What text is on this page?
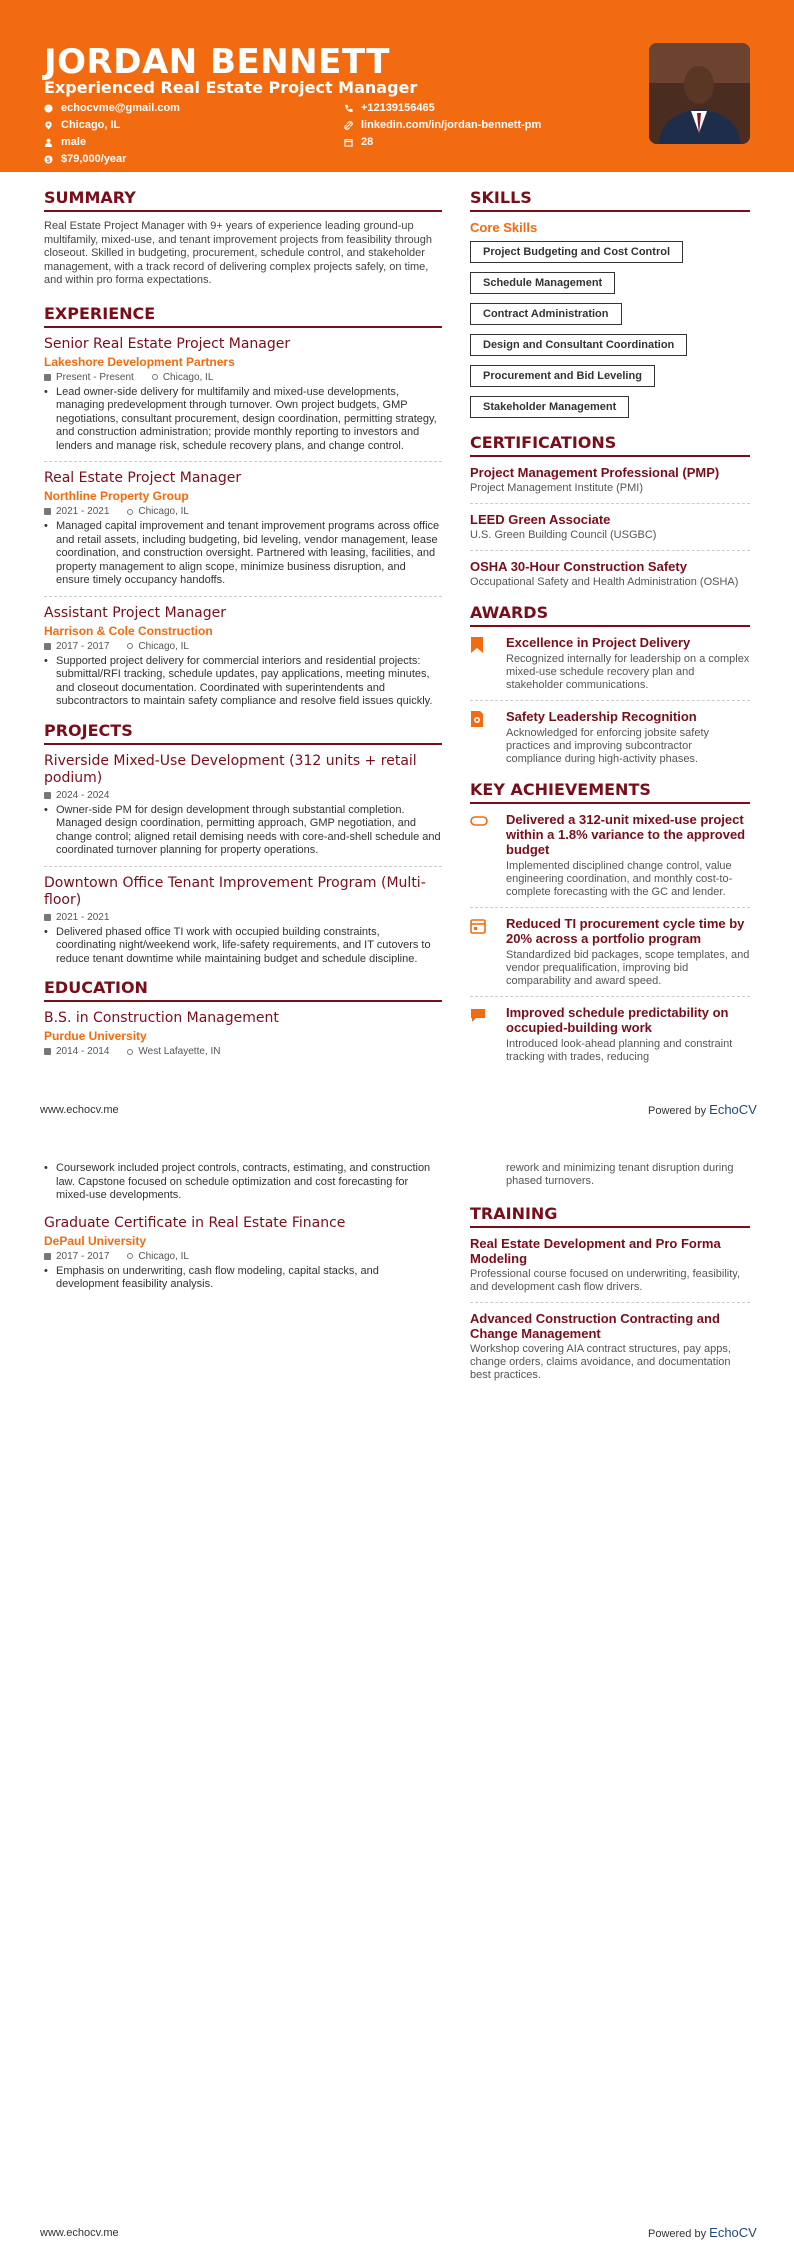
JORDAN BENNETT
Experienced Real Estate Project Manager
echocvme@gmail.com	+12139156465
Chicago, IL	linkedin.com/in/jordan-bennett-pm
male	28
$ $79,000/year
SUMMARY
Real Estate Project Manager with 9+ years of experience leading ground-up multifamily, mixed-use, and tenant improvement projects from feasibility through closeout. Skilled in budgeting, procurement, schedule control, and stakeholder management, with a track record of delivering complex projects safely, on time, and within pro forma expectations.
EXPERIENCE
Senior Real Estate Project Manager
Lakeshore Development Partners
Present - Present	Chicago, IL
• Lead owner-side delivery for multifamily and mixed-use developments, managing predevelopment through turnover. Own project budgets, GMP negotiations, consultant procurement, design coordination, permitting strategy, and construction administration; provide monthly reporting to investors and lenders and manage risk, schedule recovery plans, and change control.
Real Estate Project Manager
Northline Property Group
2021 - 2021	Chicago, IL
• Managed capital improvement and tenant improvement programs across office and retail assets, including budgeting, bid leveling, vendor management, lease coordination, and construction oversight. Partnered with leasing, facilities, and property management to align scope, minimize business disruption, and ensure timely occupancy handoffs.
Assistant Project Manager
Harrison & Cole Construction
2017 - 2017	Chicago, IL
• Supported project delivery for commercial interiors and residential projects: submittal/RFI tracking, schedule updates, pay applications, meeting minutes, and closeout documentation. Coordinated with superintendents and subcontractors to maintain safety compliance and resolve field issues quickly.
PROJECTS
Riverside Mixed-Use Development (312 units + retail podium)
2024 - 2024
• Owner-side PM for design development through substantial completion. Managed design coordination, permitting approach, GMP negotiation, and change control; aligned retail demising needs with core-and-shell schedule and coordinated turnover planning for property operations.
Downtown Office Tenant Improvement Program (Multi-floor)
2021 - 2021
• Delivered phased office TI work with occupied building constraints, coordinating night/weekend work, life-safety requirements, and IT cutovers to reduce tenant downtime while maintaining budget and schedule discipline.
EDUCATION
B.S. in Construction Management
Purdue University
2014 - 2014	West Lafayette, IN
SKILLS
Core Skills
Project Budgeting and Cost Control
Schedule Management
Contract Administration
Design and Consultant Coordination
Procurement and Bid Leveling
Stakeholder Management
CERTIFICATIONS
Project Management Professional (PMP)
Project Management Institute (PMI)
LEED Green Associate
U.S. Green Building Council (USGBC)
OSHA 30-Hour Construction Safety
Occupational Safety and Health Administration (OSHA)
AWARDS
Excellence in Project Delivery
Recognized internally for leadership on a complex mixed-use schedule recovery plan and stakeholder communications.
Safety Leadership Recognition
Acknowledged for enforcing jobsite safety practices and improving subcontractor compliance during high-activity phases.
KEY ACHIEVEMENTS
Delivered a 312-unit mixed-use project within a 1.8% variance to the approved budget
Implemented disciplined change control, value engineering coordination, and monthly cost-to-complete forecasting with the GC and lender.
Reduced TI procurement cycle time by 20% across a portfolio program
Standardized bid packages, scope templates, and vendor prequalification, improving bid comparability and award speed.
Improved schedule predictability on occupied-building work
Introduced look-ahead planning and constraint tracking with trades, reducing
www.echocv.me	Powered by EchoCV
• Coursework included project controls, contracts, estimating, and construction law. Capstone focused on schedule optimization and cost forecasting for mixed-use developments.
Graduate Certificate in Real Estate Finance
DePaul University
2017 - 2017	Chicago, IL
• Emphasis on underwriting, cash flow modeling, capital stacks, and development feasibility analysis.
rework and minimizing tenant disruption during phased turnovers.
TRAINING
Real Estate Development and Pro Forma Modeling
Professional course focused on underwriting, feasibility, and development cash flow drivers.
Advanced Construction Contracting and Change Management
Workshop covering AIA contract structures, pay apps, change orders, claims avoidance, and documentation best practices.
www.echocv.me	Powered by EchoCV
